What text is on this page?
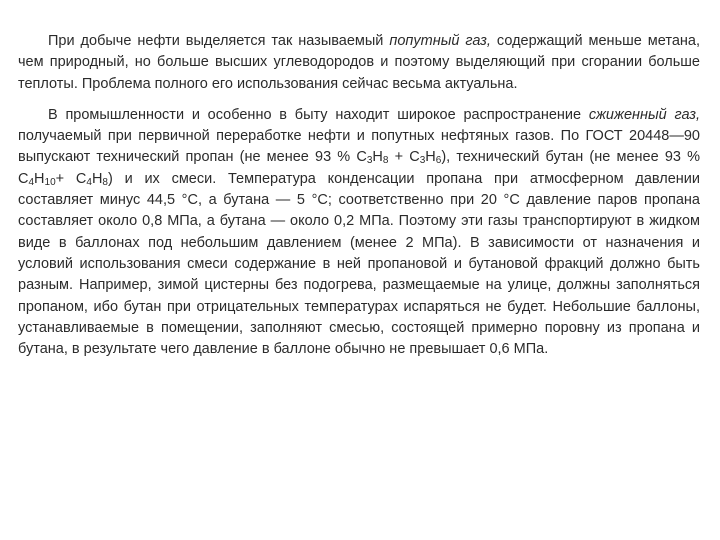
При добыче нефти выделяется так называемый попутный газ, содержащий меньше метана, чем природный, но больше высших углеводородов и поэтому выделяющий при сгорании больше теплоты. Проблема полного его использования сейчас весьма актуальна.

В промышленности и особенно в быту находит широкое распространение сжиженный газ, получаемый при первичной переработке нефти и попутных нефтяных газов. По ГОСТ 20448—90 выпускают технический пропан (не менее 93 % $С_3Н_8 + С_3Н_6$), технический бутан (не менее 93 % $С_4Н_{10}+ С_4Н_8$) и их смеси. Температура конденсации пропана при атмосферном давлении составляет минус 44,5 °С, а бутана — 5 °С; соответственно при 20 °С давление паров пропана составляет около 0,8 МПа, а бутана — около 0,2 МПа. Поэтому эти газы транспортируют в жидком виде в баллонах под небольшим давлением (менее 2 МПа). В зависимости от назначения и условий использования смеси содержание в ней пропановой и бутановой фракций должно быть разным. Например, зимой цистерны без подогрева, размещаемые на улице, должны заполняться пропаном, ибо бутан при отрицательных температурах испаряться не будет. Небольшие баллоны, устанавливаемые в помещении, заполняют смесью, состоящей примерно поровну из пропана и бутана, в результате чего давление в баллоне обычно не превышает 0,6 МПа.
